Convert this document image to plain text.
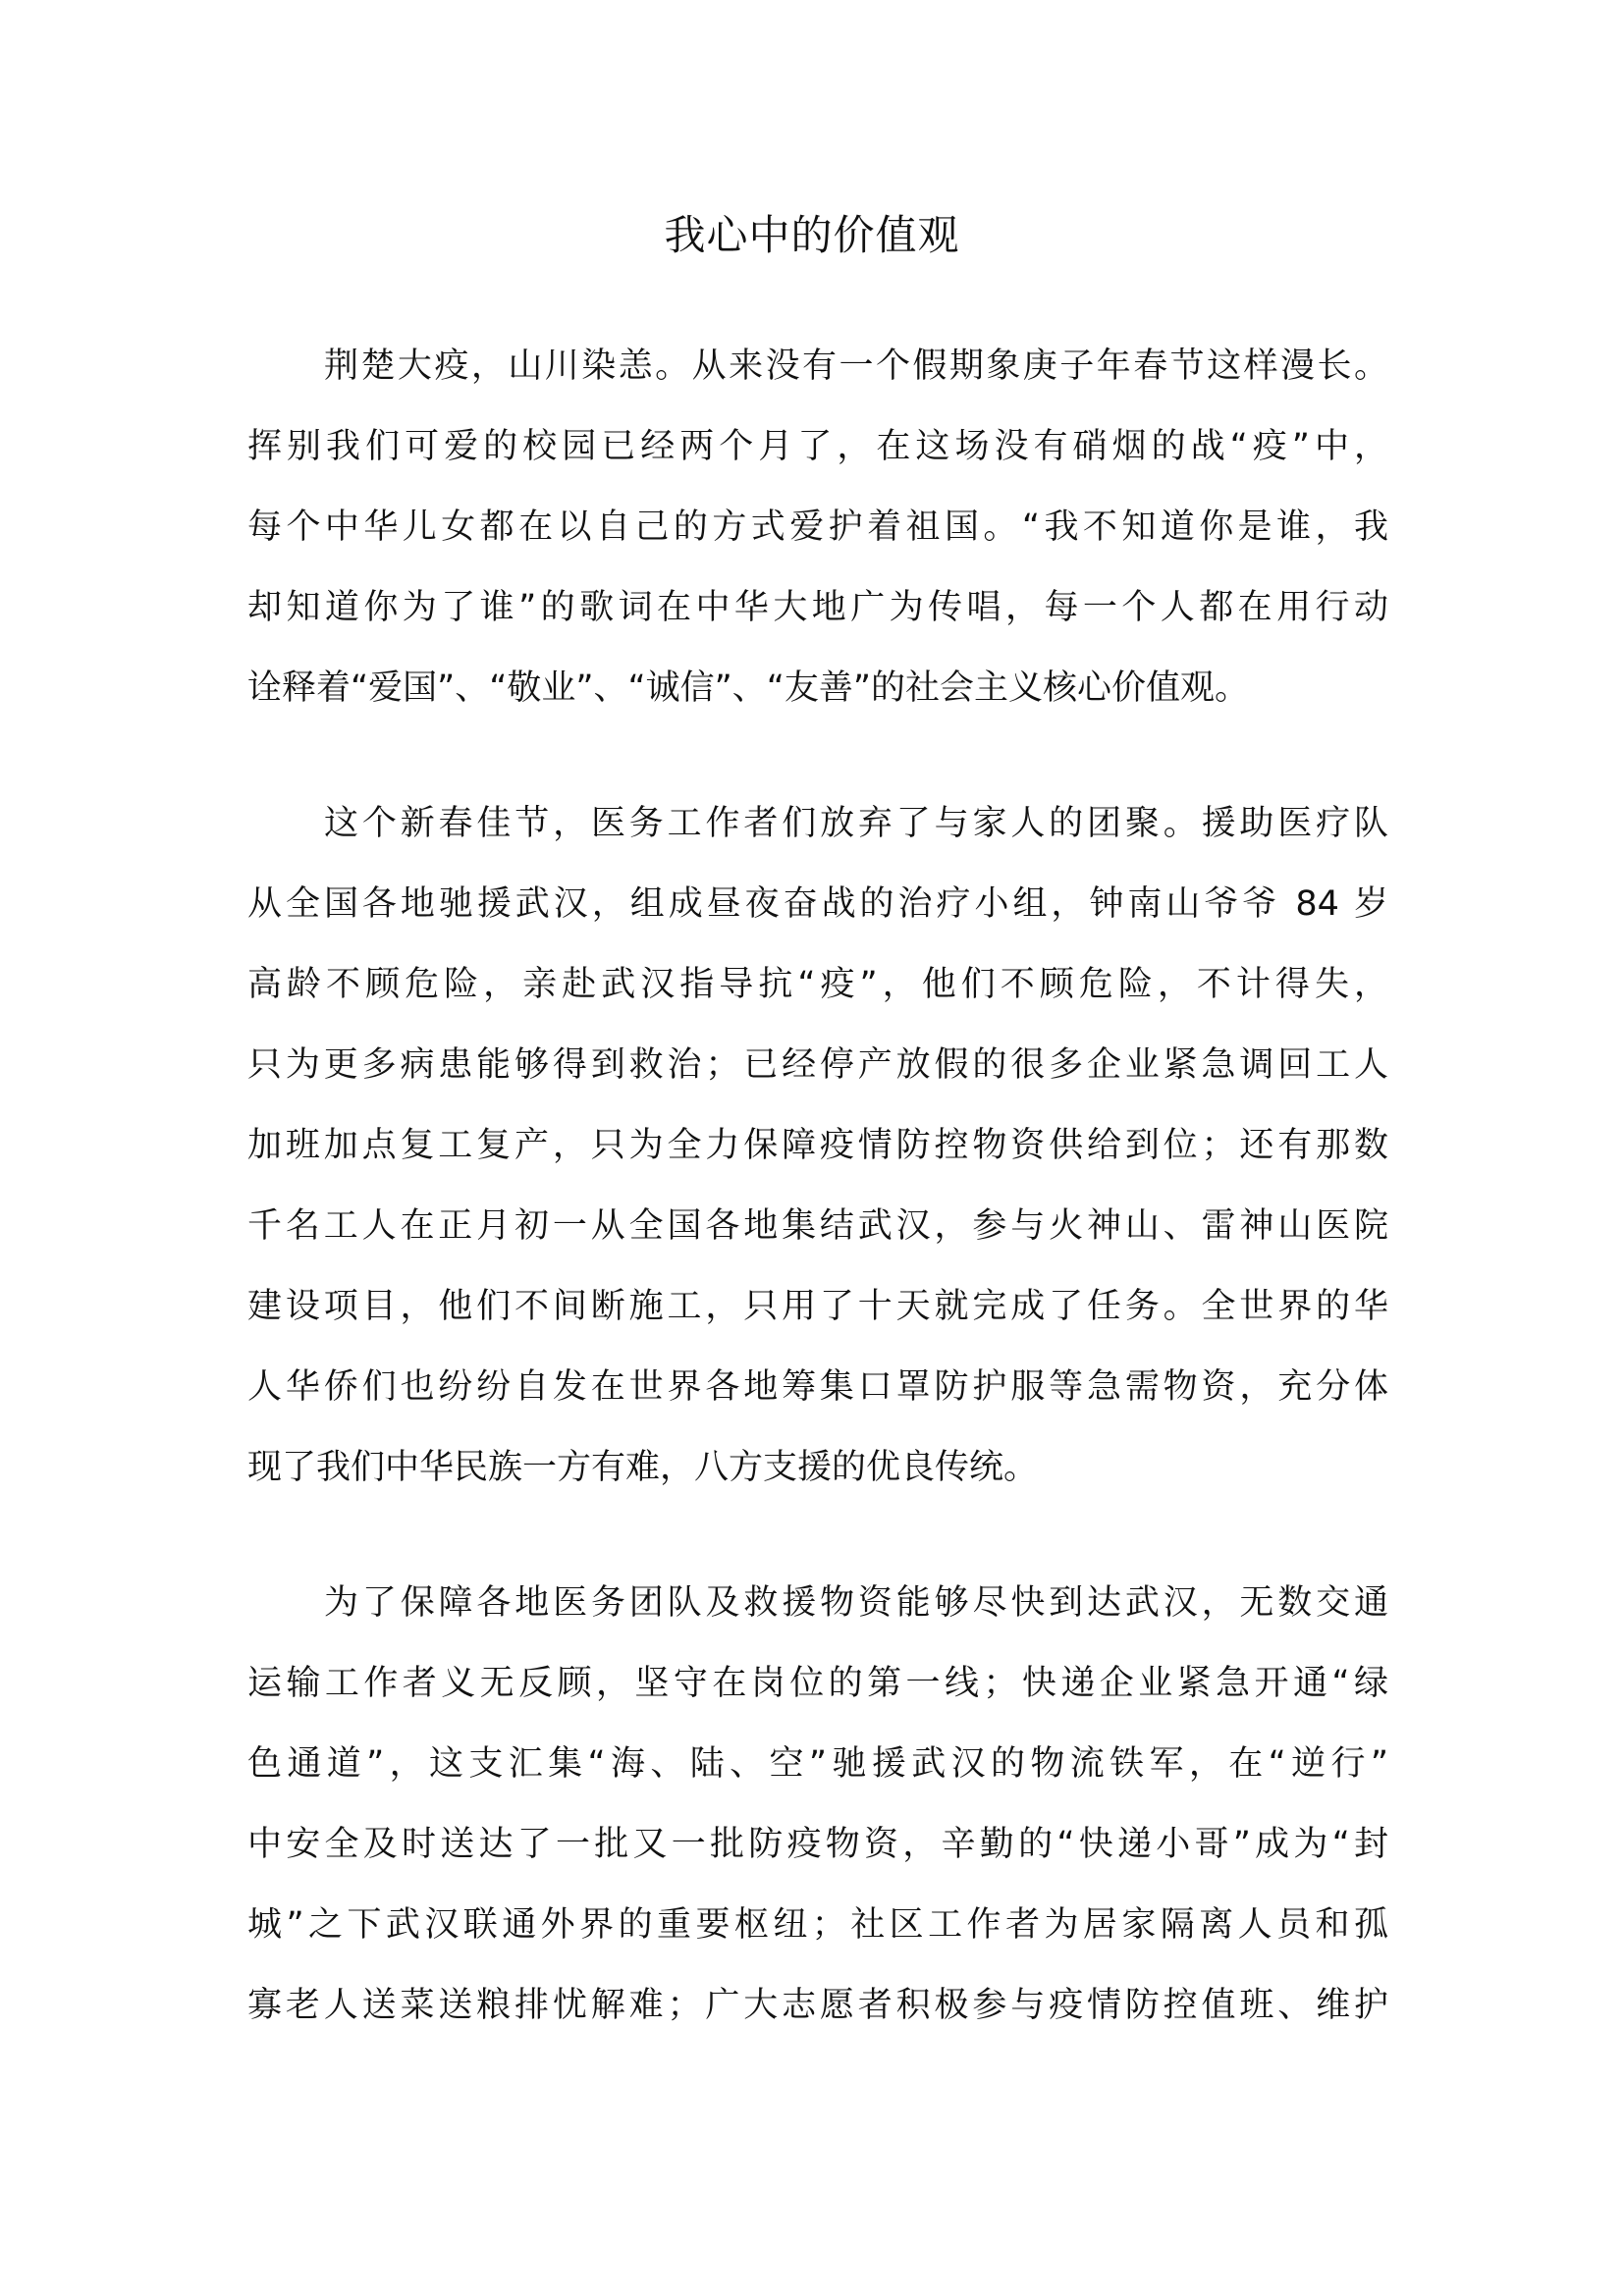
我心中的价值观
荆楚大疫，山川染恙。从来没有一个假期象庚子年春节这样漫长。
挥别我们可爱的校园已经两个月了，在这场没有硝烟的战“疫”中，
每个中华儿女都在以自己的方式爱护着祖国。“我不知道你是谁，我
却知道你为了谁”的歌词在中华大地广为传唱，每一个人都在用行动
诠释着“爱国”、“敬业”、“诚信”、“友善”的社会主义核心价值观。
这个新春佳节，医务工作者们放弃了与家人的团聚。援助医疗队
从全国各地驰援武汉，组成昼夜奋战的治疗小组，钟南山爷爷 84 岁
高龄不顾危险，亲赴武汉指导抗“疫”，他们不顾危险，不计得失，
只为更多病患能够得到救治；已经停产放假的很多企业紧急调回工人
加班加点复工复产，只为全力保障疫情防控物资供给到位；还有那数
千名工人在正月初一从全国各地集结武汉，参与火神山、雷神山医院
建设项目，他们不间断施工，只用了十天就完成了任务。全世界的华
人华侨们也纷纷自发在世界各地筹集口罩防护服等急需物资，充分体
现了我们中华民族一方有难，八方支援的优良传统。
为了保障各地医务团队及救援物资能够尽快到达武汉，无数交通
运输工作者义无反顾，坚守在岗位的第一线；快递企业紧急开通“绿
色通道”，这支汇集“海、陆、空”驰援武汉的物流铁军，在“逆行”
中安全及时送达了一批又一批防疫物资，辛勤的“快递小哥”成为“封
城”之下武汉联通外界的重要枢纽；社区工作者为居家隔离人员和孤
寡老人送菜送粮排忧解难；广大志愿者积极参与疫情防控值班、维护
